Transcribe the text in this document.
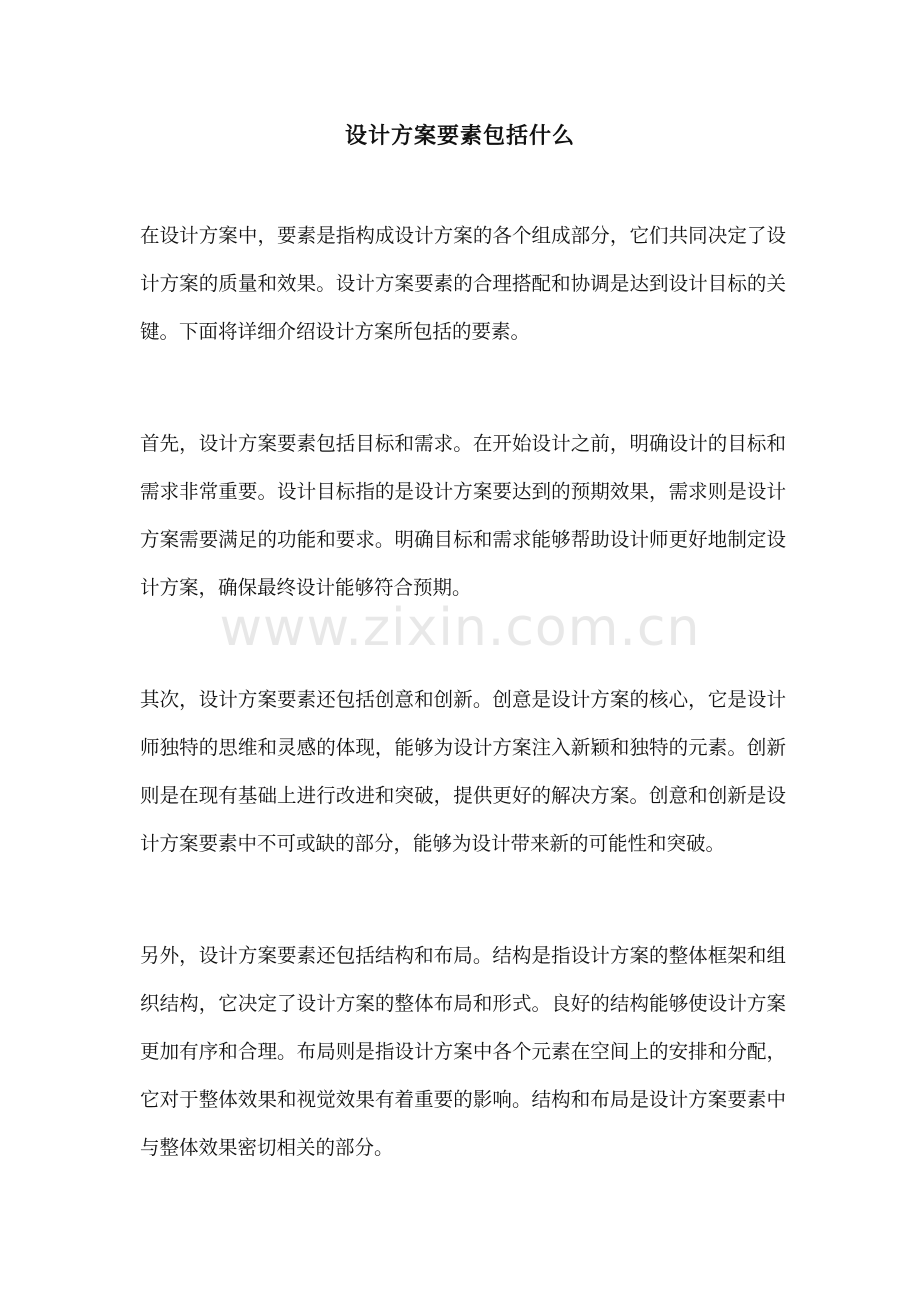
设计方案要素包括什么

在设计方案中，要素是指构成设计方案的各个组成部分，它们共同决定了设计方案的质量和效果。设计方案要素的合理搭配和协调是达到设计目标的关键。下面将详细介绍设计方案所包括的要素。

首先，设计方案要素包括目标和需求。在开始设计之前，明确设计的目标和需求非常重要。设计目标指的是设计方案要达到的预期效果，需求则是设计方案需要满足的功能和要求。明确目标和需求能够帮助设计师更好地制定设计方案，确保最终设计能够符合预期。

其次，设计方案要素还包括创意和创新。创意是设计方案的核心，它是设计师独特的思维和灵感的体现，能够为设计方案注入新颖和独特的元素。创新则是在现有基础上进行改进和突破，提供更好的解决方案。创意和创新是设计方案要素中不可或缺的部分，能够为设计带来新的可能性和突破。

另外，设计方案要素还包括结构和布局。结构是指设计方案的整体框架和组织结构，它决定了设计方案的整体布局和形式。良好的结构能够使设计方案更加有序和合理。布局则是指设计方案中各个元素在空间上的安排和分配，它对于整体效果和视觉效果有着重要的影响。结构和布局是设计方案要素中与整体效果密切相关的部分。

www.zixin.com.cn
